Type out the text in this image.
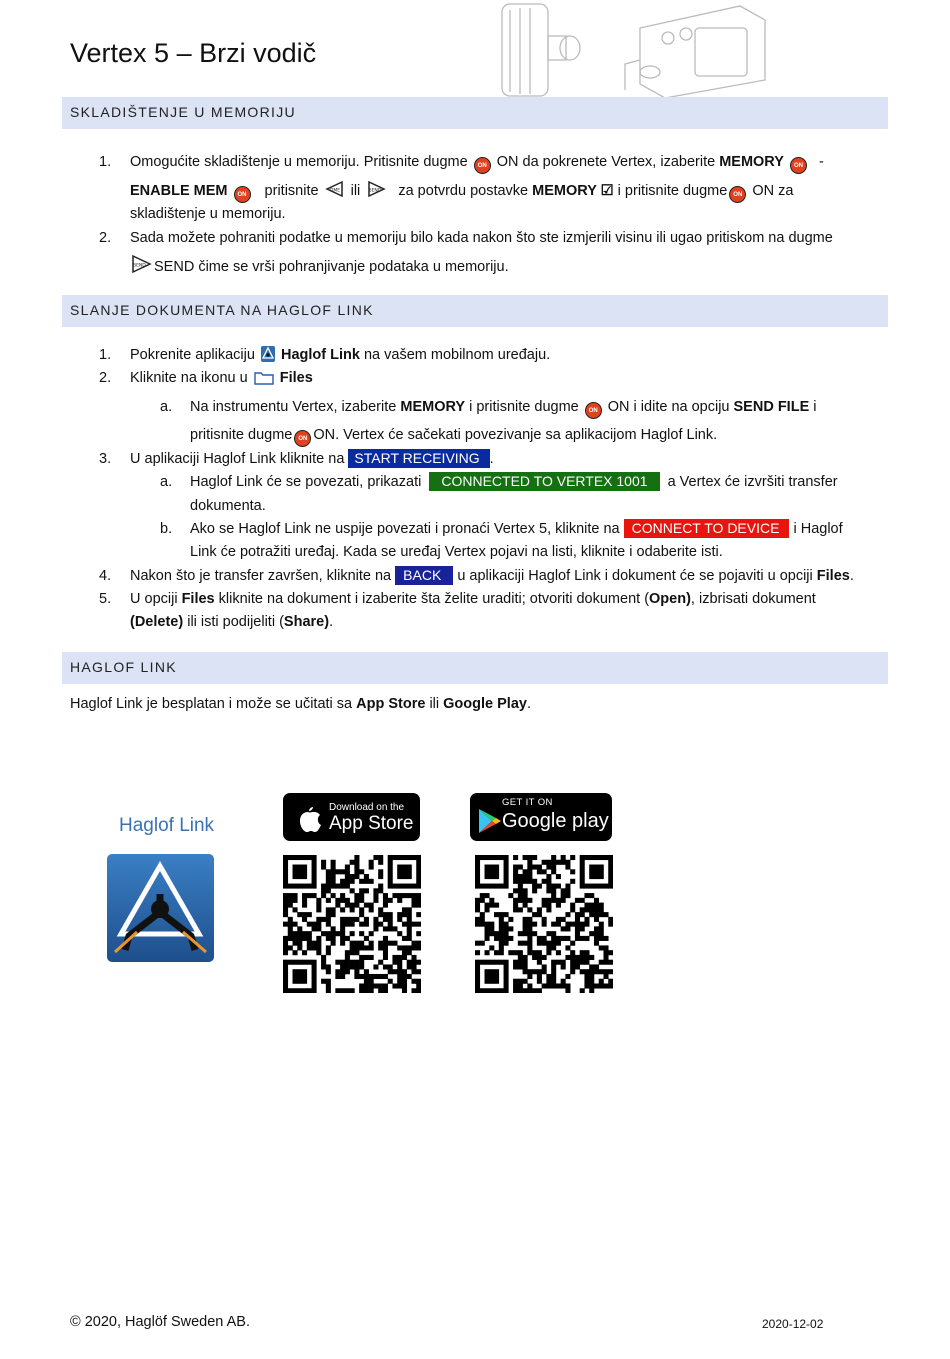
Vertex 5 – Brzi vodič
SKLADIŠTENJE U MEMORIJU
1. Omogućite skladištenje u memoriju. Pritisnite dugme ON ON da pokrenete Vertex, izaberite MEMORY ON -
ENABLE MEM ON pritisnite DME ili SEND za potvrdu postavke MEMORY ☑ i pritisnite dugme ON ON za
skladištenje u memoriju.
2. Sada možete pohraniti podatke u memoriju bilo kada nakon što ste izmjerili visinu ili ugao pritiskom na dugme
SEND SEND čime se vrši pohranjivanje podataka u memoriju.
SLANJE DOKUMENTA NA HAGLOF LINK
1. Pokrenite aplikaciju Haglof Link na vašem mobilnom uređaju.
2. Kliknite na ikonu u Files
a. Na instrumentu Vertex, izaberite MEMORY i pritisnite dugme ON ON i idite na opciju SEND FILE i
pritisnite dugme ON ON. Vertex će sačekati povezivanje sa aplikacijom Haglof Link.
3. U aplikaciji Haglof Link kliknite na START RECEIVING .
a. Haglof Link će se povezati, prikazati CONNECTED TO VERTEX 1001 a Vertex će izvršiti transfer
dokumenta.
b. Ako se Haglof Link ne uspije povezati i pronaći Vertex 5, kliknite na CONNECT TO DEVICE i Haglof
Link će potražiti uređaj. Kada se uređaj Vertex pojavi na listi, kliknite i odaberite isti.
4. Nakon što je transfer završen, kliknite na BACK u aplikaciji Haglof Link i dokument će se pojaviti u opciji Files.
5. U opciji Files kliknite na dokument i izaberite šta želite uraditi; otvoriti dokument (Open), izbrisati dokument
(Delete) ili isti podijeliti (Share).
HAGLOF LINK
Haglof Link je besplatan i može se učitati sa App Store ili Google Play.
Haglof Link
Download on the
App Store
GET IT ON
Google play
© 2020, Haglöf Sweden AB.	2020-12-02
